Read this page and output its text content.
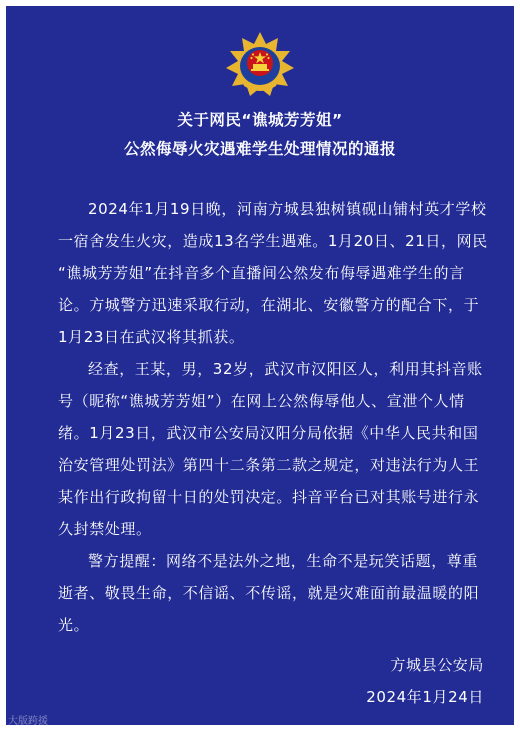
关于网民“谯城芳芳姐”
公然侮辱火灾遇难学生处理情况的通报
2024年1月19日晚，河南方城县独树镇砚山铺村英才学校
一宿舍发生火灾，造成13名学生遇难。1月20日、21日，网民
“谯城芳芳姐”在抖音多个直播间公然发布侮辱遇难学生的言
论。方城警方迅速采取行动，在湖北、安徽警方的配合下，于
1月23日在武汉将其抓获。
经查，王某，男，32岁，武汉市汉阳区人，利用其抖音账
号（昵称“谯城芳芳姐”）在网上公然侮辱他人、宣泄个人情
绪。1月23日，武汉市公安局汉阳分局依据《中华人民共和国
治安管理处罚法》第四十二条第二款之规定，对违法行为人王
某作出行政拘留十日的处罚决定。抖音平台已对其账号进行永
久封禁处理。
警方提醒：网络不是法外之地，生命不是玩笑话题，尊重
逝者、敬畏生命，不信谣、不传谣，就是灾难面前最温暖的阳
光。
方城县公安局
2024年1月24日
大版跨援
